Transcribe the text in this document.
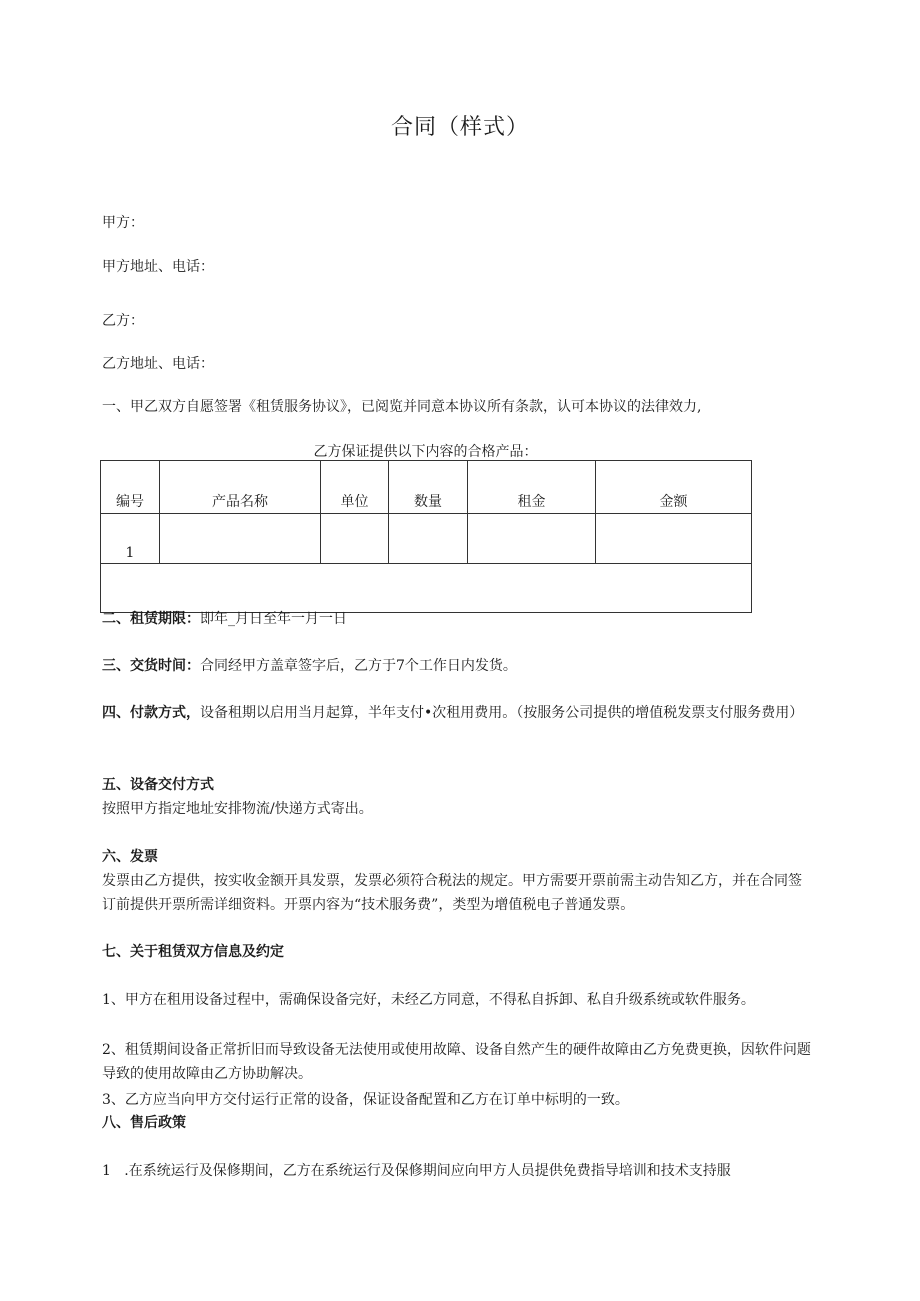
合同（样式）
甲方：
甲方地址、电话：
乙方：
乙方地址、电话：
一、甲乙双方自愿签署《租赁服务协议》，已阅览并同意本协议所有条款，认可本协议的法律效力,
乙方保证提供以下内容的合格产品：
编号	产品名称	单位	数量	租金	金额
1					

二、租赁期限：即年_月日至年一月一日
三、交货时间：合同经甲方盖章签字后，乙方于7个工作日内发货。
四、付款方式，设备租期以启用当月起算，半年支付•次租用费用。（按服务公司提供的增值税发票支付服务费用）
五、设备交付方式
按照甲方指定地址安排物流/快递方式寄出。
六、发票
发票由乙方提供，按实收金额开具发票，发票必须符合税法的规定。甲方需要开票前需主动告知乙方，并在合同签订前提供开票所需详细资料。开票内容为“技术服务费”，类型为增值税电子普通发票。
七、关于租赁双方信息及约定
1、甲方在租用设备过程中，需确保设备完好，未经乙方同意，不得私自拆卸、私自升级系统或软件服务。
2、租赁期间设备正常折旧而导致设备无法使用或使用故障、设备自然产生的硬件故障由乙方免费更换，因软件问题导致的使用故障由乙方协助解决。
3、乙方应当向甲方交付运行正常的设备，保证设备配置和乙方在订单中标明的一致。
八、售后政策
1   .在系统运行及保修期间，乙方在系统运行及保修期间应向甲方人员提供免费指导培训和技术支持服
